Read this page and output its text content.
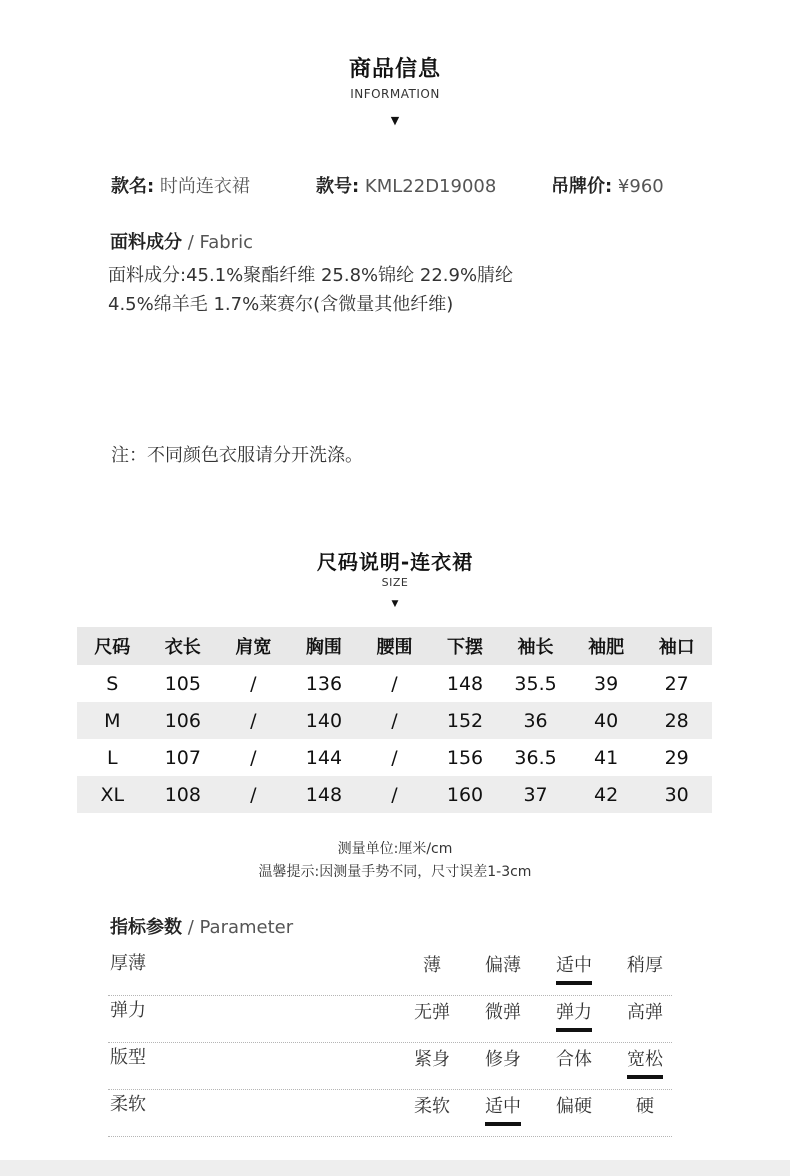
商品信息
INFORMATION
▼
款名: 时尚连衣裙	款号: KML22D19008	吊牌价: ¥960
面料成分 / Fabric
面料成分:45.1%聚酯纤维 25.8%锦纶 22.9%腈纶
4.5%绵羊毛 1.7%莱赛尔(含微量其他纤维)
注：不同颜色衣服请分开洗涤。
尺码说明-连衣裙
SIZE
▼
尺码	衣长	肩宽	胸围	腰围	下摆	袖长	袖肥	袖口
S	105	/	136	/	148	35.5	39	27
M	106	/	140	/	152	36	40	28
L	107	/	144	/	156	36.5	41	29
XL	108	/	148	/	160	37	42	30
测量单位:厘米/cm
温馨提示:因测量手势不同，尺寸误差1-3cm
指标参数 / Parameter
厚薄	薄	偏薄	适中	稍厚
弹力	无弹	微弹	弹力	高弹
版型	紧身	修身	合体	宽松
柔软	柔软	适中	偏硬	硬
